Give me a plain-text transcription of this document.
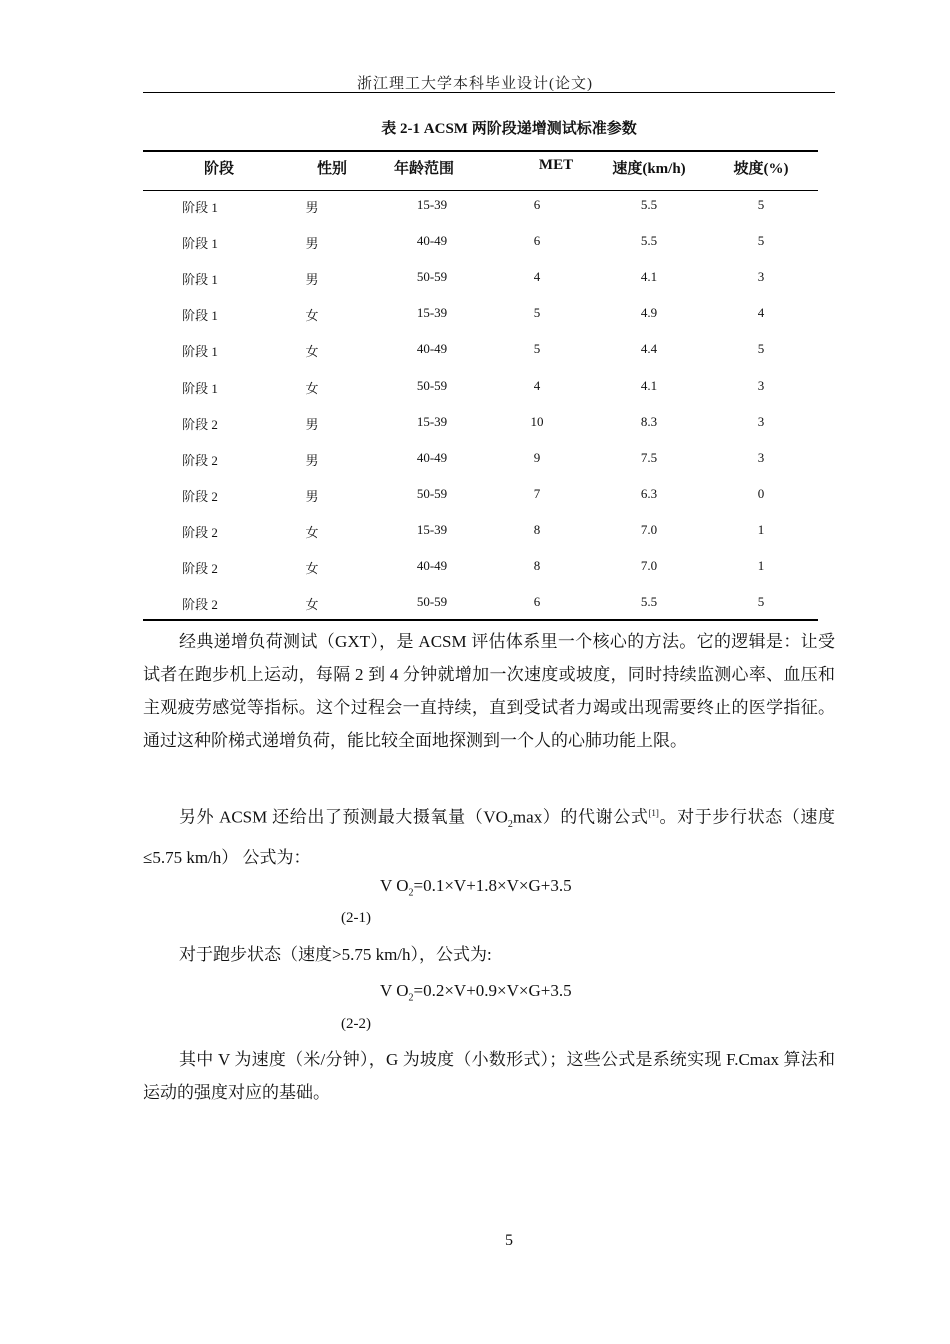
浙江理工大学本科毕业设计(论文)
表 2-1 ACSM 两阶段递增测试标准参数
阶段	性别	年龄范围	MET	速度(km/h)	坡度(%)
阶段 1	男	15-39	6	5.5	5
阶段 1	男	40-49	6	5.5	5
阶段 1	男	50-59	4	4.1	3
阶段 1	女	15-39	5	4.9	4
阶段 1	女	40-49	5	4.4	5
阶段 1	女	50-59	4	4.1	3
阶段 2	男	15-39	10	8.3	3
阶段 2	男	40-49	9	7.5	3
阶段 2	男	50-59	7	6.3	0
阶段 2	女	15-39	8	7.0	1
阶段 2	女	40-49	8	7.0	1
阶段 2	女	50-59	6	5.5	5
经典递增负荷测试（GXT），是 ACSM 评估体系里一个核心的方法。它的逻辑是：让受试者在跑步机上运动，每隔 2 到 4 分钟就增加一次速度或坡度，同时持续监测心率、血压和主观疲劳感觉等指标。这个过程会一直持续，直到受试者力竭或出现需要终止的医学指征。通过这种阶梯式递增负荷，能比较全面地探测到一个人的心肺功能上限。
另外 ACSM 还给出了预测最大摄氧量$(VO_2\max)$的代谢公式[1]。对于步行状态（速度≤5.75 km/h） 公式为：
V $O_2=0.1\times V+1.8\times V\times G+3.5$
(2-1)
对于跑步状态（速度>5.75 km/h），公式为:
V $O_2=0.2\times V+0.9\times V\times G+3.5$
(2-2)
其中 V 为速度（米/分钟），G 为坡度（小数形式）；这些公式是系统实现 F.Cmax 算法和运动的强度对应的基础。
5
